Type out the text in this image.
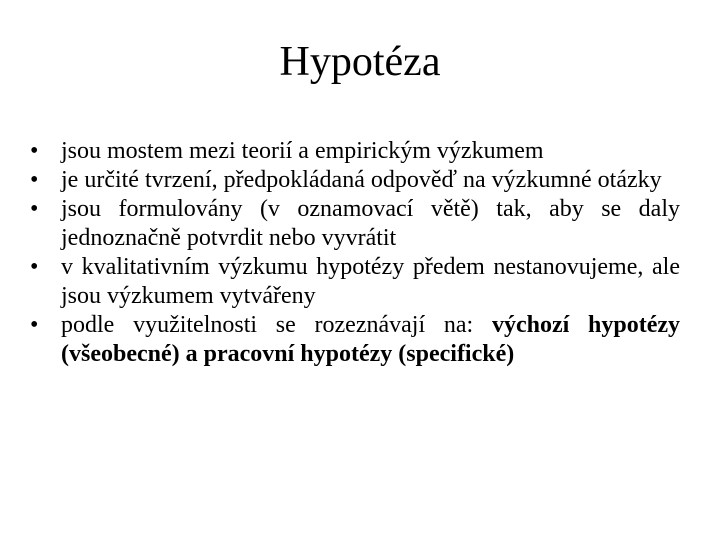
Hypotéza
• jsou mostem mezi teorií a empirickým výzkumem
• je určité tvrzení, předpokládaná odpověď na výzkumné otázky
• jsou formulovány (v oznamovací větě) tak, aby se daly jednoznačně potvrdit nebo vyvrátit
• v kvalitativním výzkumu hypotézy předem nestanovujeme, ale jsou výzkumem vytvářeny
• podle využitelnosti se rozeznávají na: výchozí hypotézy (všeobecné) a pracovní hypotézy (specifické)
